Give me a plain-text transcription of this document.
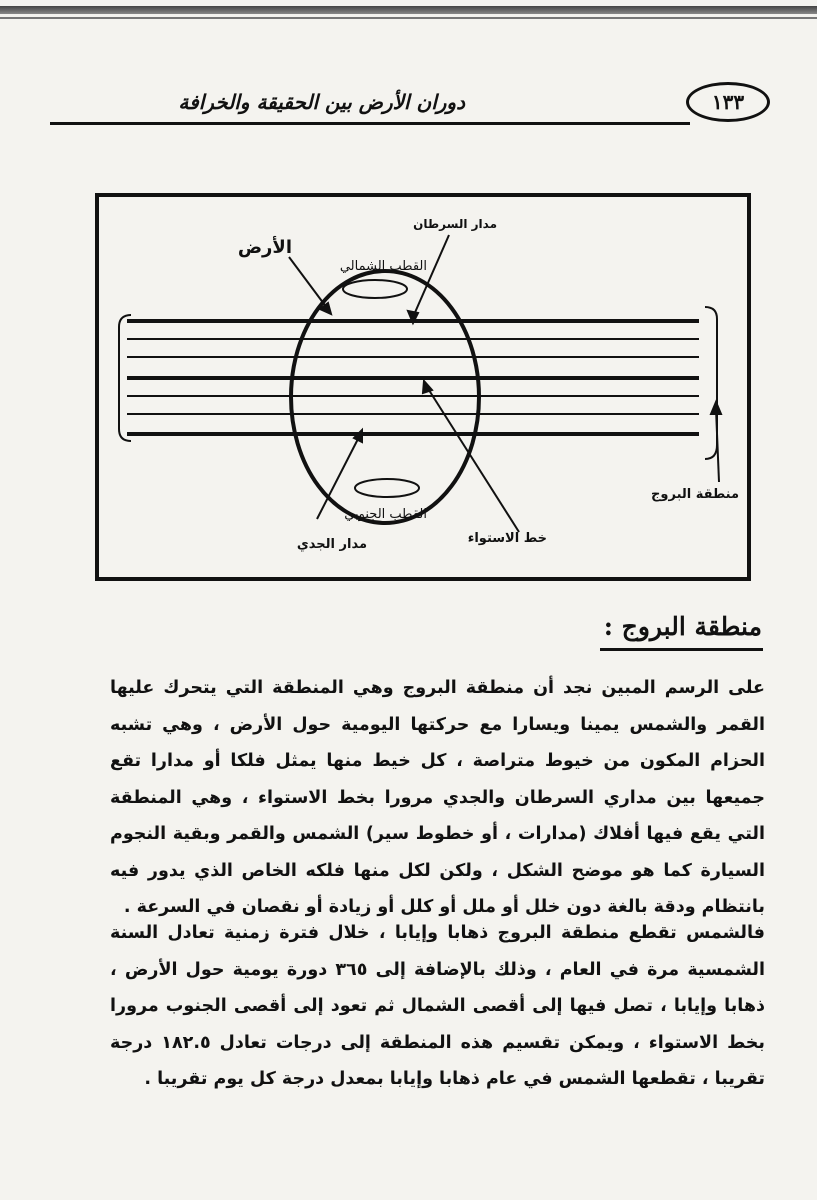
١٣٣
دوران الأرض بين الحقيقة والخرافة
مدار السرطان
الأرض
القطب الشمالي
منطقة البروج
القطب الجنوبي
خط الاستواء
مدار الجدي
منطقة البروج :
على الرسم المبين نجد أن منطقة البروج وهي المنطقة التي يتحرك عليها القمر والشمس يمينا ويسارا مع حركتها اليومية حول الأرض ، وهي تشبه الحزام المكون من خيوط متراصة ، كل خيط منها يمثل فلكا أو مدارا تقع جميعها بين مداري السرطان والجدي مرورا بخط الاستواء ، وهي المنطقة التي يقع فيها أفلاك (مدارات ، أو خطوط سير) الشمس والقمر وبقية النجوم السيارة كما هو موضح الشكل ، ولكن لكل منها فلكه الخاص الذي يدور فيه بانتظام ودقة بالغة دون خلل أو ملل أو كلل أو زيادة أو نقصان في السرعة .
فالشمس تقطع منطقة البروج ذهابا وإيابا ، خلال فترة زمنية تعادل السنة الشمسية مرة في العام ، وذلك بالإضافة إلى ٣٦٥ دورة يومية حول الأرض ، ذهابا وإيابا ، تصل فيها إلى أقصى الشمال ثم تعود إلى أقصى الجنوب مرورا بخط الاستواء ، ويمكن تقسيم هذه المنطقة إلى درجات تعادل ١٨٢.٥ درجة تقريبا ، تقطعها الشمس في عام ذهابا وإيابا بمعدل درجة كل يوم تقريبا .
